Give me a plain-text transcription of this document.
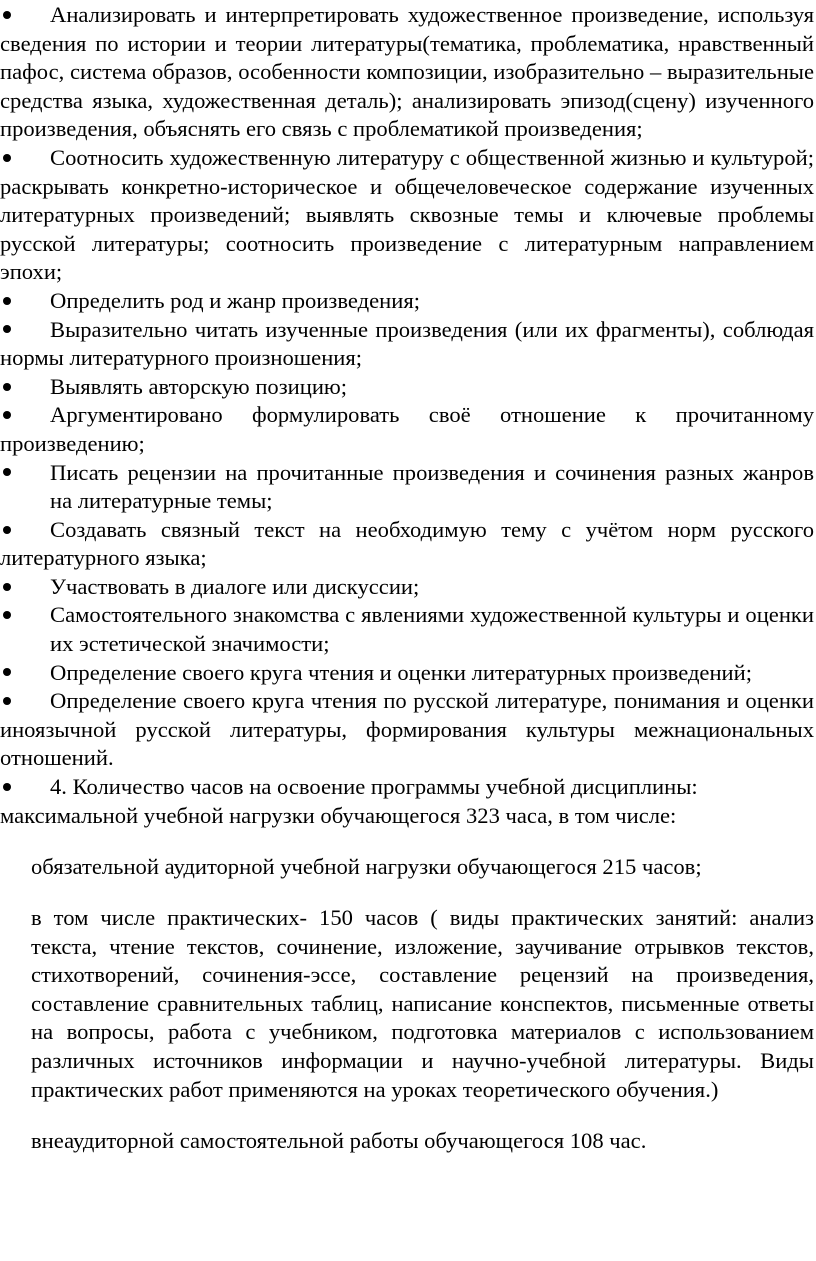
Анализировать и интерпретировать художественное произведение, используя сведения по истории и теории литературы(тематика, проблематика, нравственный пафос, система образов, особенности композиции, изобразительно – выразительные средства языка, художественная деталь); анализировать эпизод(сцену) изученного произведения, объяснять его связь с проблематикой произведения;

Соотносить художественную литературу с общественной жизнью и культурой; раскрывать конкретно-историческое и общечеловеческое содержание изученных литературных произведений; выявлять сквозные темы и ключевые проблемы русской литературы; соотносить произведение с литературным направлением эпохи;

Определить род и жанр произведения;

Выразительно читать изученные произведения (или их фрагменты), соблюдая нормы литературного произношения;

Выявлять авторскую позицию;

Аргументировано формулировать своё отношение к прочитанному произведению;

Писать рецензии на прочитанные произведения и сочинения разных жанров на литературные темы;

Создавать связный текст на необходимую тему с учётом норм русского литературного языка;

Участвовать в диалоге или дискуссии;

Самостоятельного знакомства с явлениями художественной культуры и оценки их эстетической значимости;

Определение своего круга чтения и оценки литературных произведений;

Определение своего круга чтения по русской литературе, понимания и оценки иноязычной русской литературы, формирования культуры межнациональных отношений.

4. Количество часов на освоение программы учебной дисциплины:

максимальной учебной нагрузки обучающегося 323 часа, в том числе:

обязательной аудиторной учебной нагрузки обучающегося 215 часов;

в том числе практических- 150 часов ( виды практических занятий: анализ текста, чтение текстов, сочинение, изложение, заучивание отрывков текстов, стихотворений, сочинения-эссе, составление рецензий на произведения, составление сравнительных таблиц, написание конспектов, письменные ответы на вопросы, работа с учебником, подготовка материалов с использованием различных источников информации и научно-учебной литературы. Виды практических работ применяются на уроках теоретического обучения.)

внеаудиторной самостоятельной работы обучающегося 108 час.
